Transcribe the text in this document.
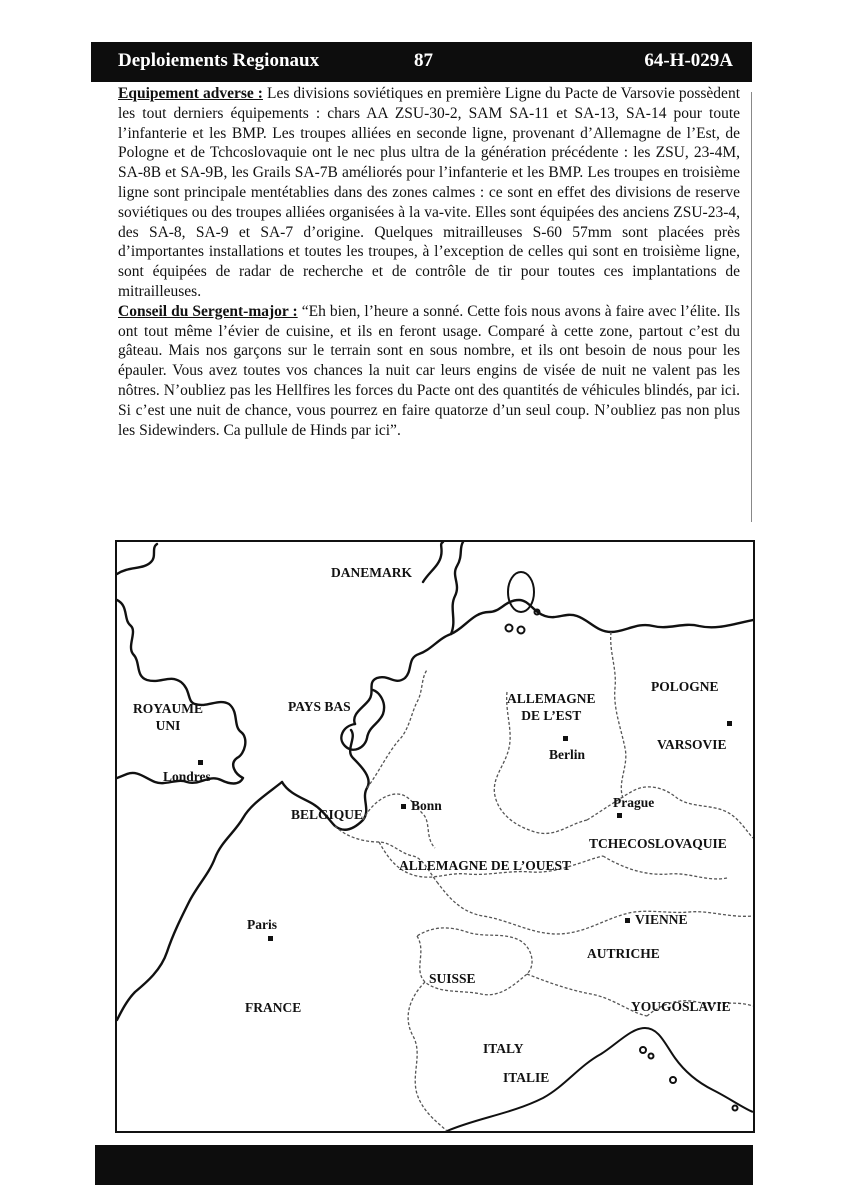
Deploiements Regionaux	87	64-H-029A

Equipement adverse : Les divisions soviétiques en première Ligne du Pacte de Varsovie possèdent les tout derniers équipements : chars AA ZSU-30-2, SAM SA-11 et SA-13, SA-14 pour toute l’infanterie et les BMP. Les troupes alliées en seconde ligne, provenant d’Allemagne de l’Est, de Pologne et de Tchcoslovaquie ont le nec plus ultra de la génération précédente : les ZSU, 23-4M, SA-8B et SA-9B, les Grails SA-7B améliorés pour l’infanterie et les BMP. Les troupes en troisième ligne sont principale mentétablies dans des zones calmes : ce sont en effet des divisions de reserve soviétiques ou des troupes alliées organisées à la va-vite. Elles sont équipées des anciens ZSU-23-4, des SA-8, SA-9 et SA-7 d’origine. Quelques mitrailleuses S-60 57mm sont placées près d’importantes installations et toutes les troupes, à l’exception de celles qui sont en troisième ligne, sont équipées de radar de recherche et de contrôle de tir pour toutes ces implantations de mitrailleuses.

Conseil du Sergent-major : “Eh bien, l’heure a sonné. Cette fois nous avons à faire avec l’élite. Ils ont tout même l’évier de cuisine, et ils en feront usage. Comparé à cette zone, partout c’est du gâteau. Mais nos garçons sur le terrain sont en sous nombre, et ils ont besoin de nous pour les épauler. Vous avez toutes vos chances la nuit car leurs engins de visée de nuit ne valent pas les nôtres. N’oubliez pas les Hellfires les forces du Pacte ont des quantités de véhicules blindés, par ici. Si c’est une nuit de chance, vous pourrez en faire quatorze d’un seul coup. N’oubliez pas non plus les Sidewinders. Ca pullule de Hinds par ici”.

DANEMARK
ROYAUME
UNI
Londres
PAYS BAS
ALLEMAGNE
DE L’EST
Berlin
POLOGNE
VARSOVIE
BELGIQUE
Bonn	Prague
TCHECOSLOVAQUIE
ALLEMAGNE DE L’OUEST
Paris	VIENNE
AUTRICHE
SUISSE
FRANCE	YOUGOSLAVIE
ITALY
ITALIE
